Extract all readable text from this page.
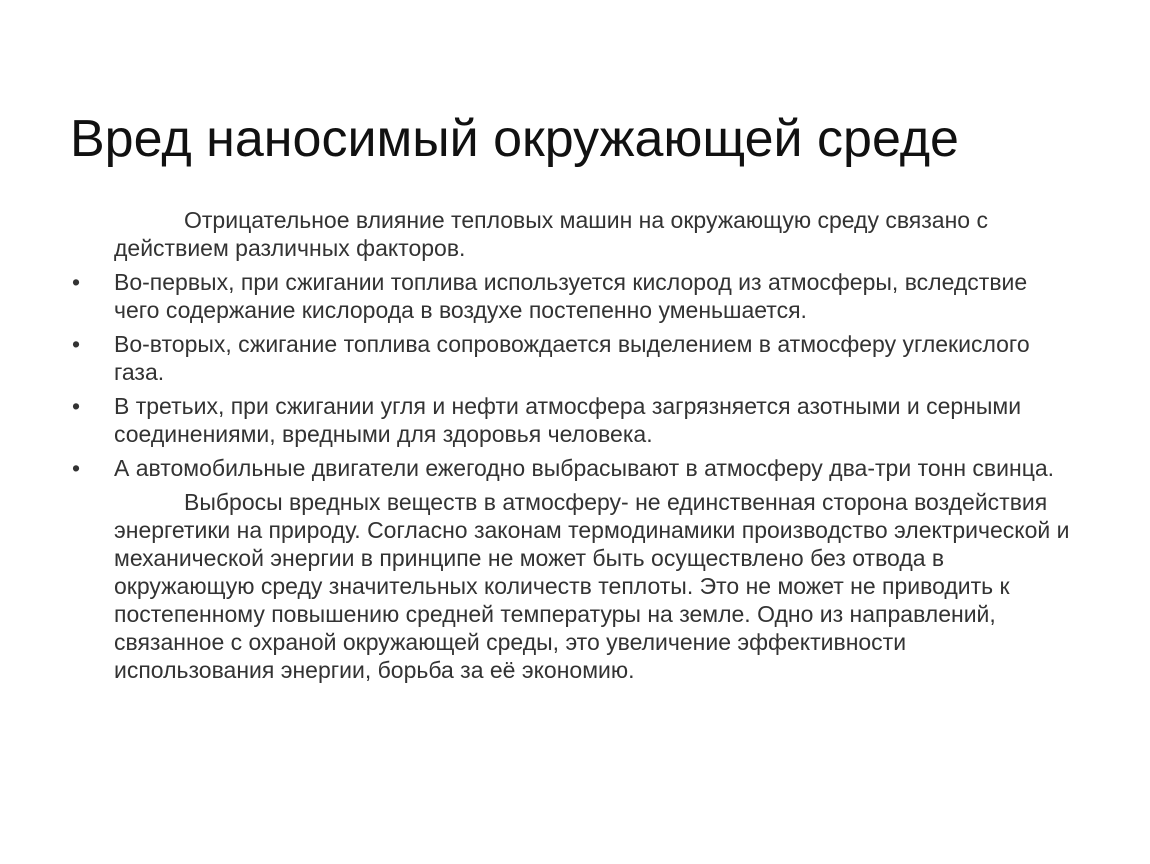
Вред наносимый окружающей среде

Отрицательное влияние тепловых машин на окружающую среду связано с действием различных факторов.

•	Во-первых, при сжигании топлива используется кислород из атмосферы, вследствие чего содержание кислорода в воздухе постепенно уменьшается.
•	Во-вторых, сжигание топлива сопровождается выделением в атмосферу углекислого газа.
•	В третьих, при сжигании угля и нефти атмосфера загрязняется азотными и серными соединениями, вредными для здоровья человека.
•	А автомобильные двигатели ежегодно выбрасывают в атмосферу два-три тонн свинца.

Выбросы вредных веществ в атмосферу- не единственная сторона воздействия энергетики на природу. Согласно законам термодинамики производство электрической и механической энергии в принципе не может быть осуществлено без отвода в окружающую среду значительных количеств теплоты. Это не может не приводить к постепенному повышению средней температуры на земле. Одно из направлений, связанное с охраной окружающей среды, это увеличение эффективности использования энергии, борьба за её экономию.
